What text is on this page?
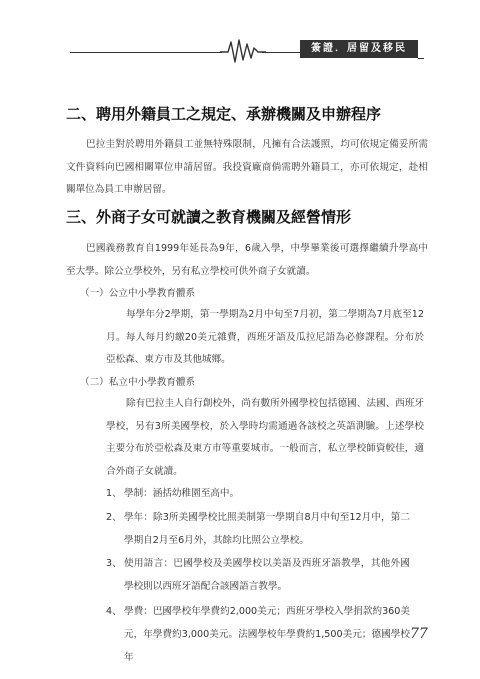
簽證．居留及移民
二、聘用外籍員工之規定、承辦機關及申辦程序

巴拉圭對於聘用外籍員工並無特殊限制，凡擁有合法護照，均可依規定備妥所需文件資料向巴國相關單位申請居留。我投資廠商倘需聘外籍員工，亦可依規定，赴相關單位為員工申辦居留。

三、外商子女可就讀之教育機關及經營情形

巴國義務教育自1999年延長為9年，6歲入學，中學畢業後可選擇繼續升學高中至大學。除公立學校外，另有私立學校可供外商子女就讀。

（一）公立中小學教育體系

每學年分2學期，第一學期為2月中旬至7月初，第二學期為7月底至12月。每人每月約繳20美元雜費，西班牙語及瓜拉尼語為必修課程。分布於亞松森、東方市及其他城鄉。

（二）私立中小學教育體系

除有巴拉圭人自行創校外，尚有數所外國學校包括德國、法國、西班牙學校，另有3所美國學校，於入學時均需通過各該校之英語測驗。上述學校主要分布於亞松森及東方市等重要城市。一般而言，私立學校師資較佳，適合外商子女就讀。

1、 學制：涵括幼稚園至高中。
2、 學年：除3所美國學校比照美制第一學期自8月中旬至12月中，第二學期自2月至6月外，其餘均比照公立學校。
3、 使用語言：巴國學校及美國學校以美語及西班牙語教學，其他外國學校則以西班牙語配合該國語言教學。
4、 學費：巴國學校年學費約2,000美元；西班牙學校入學捐款約360美元，年學費約3,000美元。法國學校年學費約1,500美元；德國學校年
77
